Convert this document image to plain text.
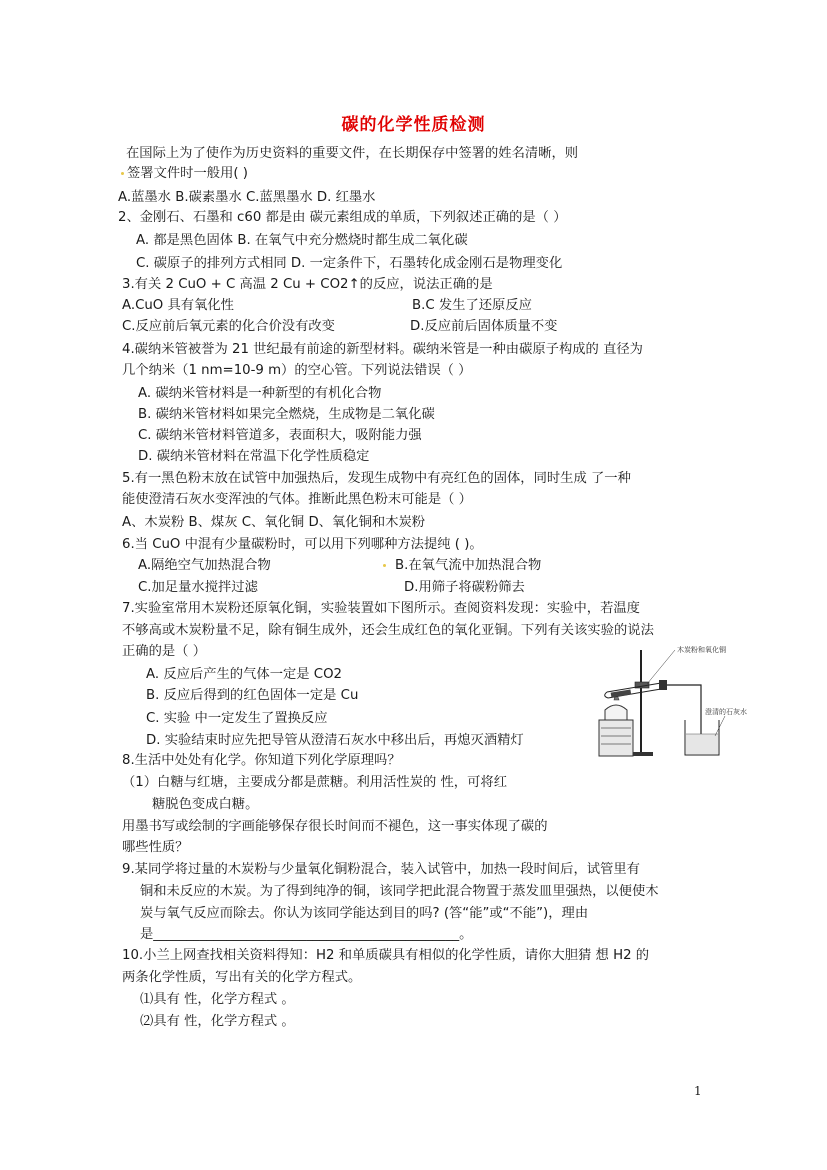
碳的化学性质检测
在国际上为了使作为历史资料的重要文件，在长期保存中签署的姓名清晰，则
签署文件时一般用( )
A.蓝墨水 B.碳素墨水 C.蓝黑墨水 D. 红墨水
2、金刚石、石墨和 c60 都是由 碳元素组成的单质，下列叙述正确的是（ ）
A. 都是黑色固体 B. 在氧气中充分燃烧时都生成二氧化碳
C. 碳原子的排列方式相同 D. 一定条件下，石墨转化成金刚石是物理变化
3.有关 2 CuO + C 高温 2 Cu + CO2↑的反应，说法正确的是
A.CuO 具有氧化性	B.C 发生了还原反应
C.反应前后氧元素的化合价没有改变	D.反应前后固体质量不变
4.碳纳米管被誉为 21 世纪最有前途的新型材料。碳纳米管是一种由碳原子构成的 直径为
几个纳米（1 nm=10-9 m）的空心管。下列说法错误（ ）
A. 碳纳米管材料是一种新型的有机化合物
B. 碳纳米管材料如果完全燃烧，生成物是二氧化碳
C. 碳纳米管材料管道多，表面积大，吸附能力强
D. 碳纳米管材料在常温下化学性质稳定
5.有一黑色粉末放在试管中加强热后，发现生成物中有亮红色的固体，同时生成 了一种
能使澄清石灰水变浑浊的气体。推断此黑色粉末可能是（ ）
A、木炭粉 B、煤灰 C、氧化铜 D、氧化铜和木炭粉
6.当 CuO 中混有少量碳粉时，可以用下列哪种方法提纯 ( )。
A.隔绝空气加热混合物	B.在氧气流中加热混合物
C.加足量水搅拌过滤	D.用筛子将碳粉筛去
7.实验室常用木炭粉还原氧化铜，实验装置如下图所示。查阅资料发现：实验中，若温度
不够高或木炭粉量不足，除有铜生成外，还会生成红色的氧化亚铜。下列有关该实验的说法
正确的是（ ）
A. 反应后产生的气体一定是 CO2
B. 反应后得到的红色固体一定是 Cu
C. 实验 中一定发生了置换反应
D. 实验结束时应先把导管从澄清石灰水中移出后，再熄灭酒精灯
8.生活中处处有化学。你知道下列化学原理吗？
（1）白糖与红塘，主要成分都是蔗糖。利用活性炭的 性，可将红
糖脱色变成白糖。
用墨书写或绘制的字画能够保存很长时间而不褪色，这一事实体现了碳的
哪些性质？
9.某同学将过量的木炭粉与少量氧化铜粉混合，装入试管中，加热一段时间后，试管里有
铜和未反应的木炭。为了得到纯净的铜，该同学把此混合物置于蒸发皿里强热，以便使木
炭与氧气反应而除去。你认为该同学能达到目的吗? (答“能”或“不能”)，理由
是______________________________________________。
10.小兰上网查找相关资料得知：H2 和单质碳具有相似的化学性质，请你大胆猜 想 H2 的
两条化学性质，写出有关的化学方程式。
⑴具有 性，化学方程式 。
⑵具有 性，化学方程式 。
木炭粉和氧化铜
澄清的石灰水
1
